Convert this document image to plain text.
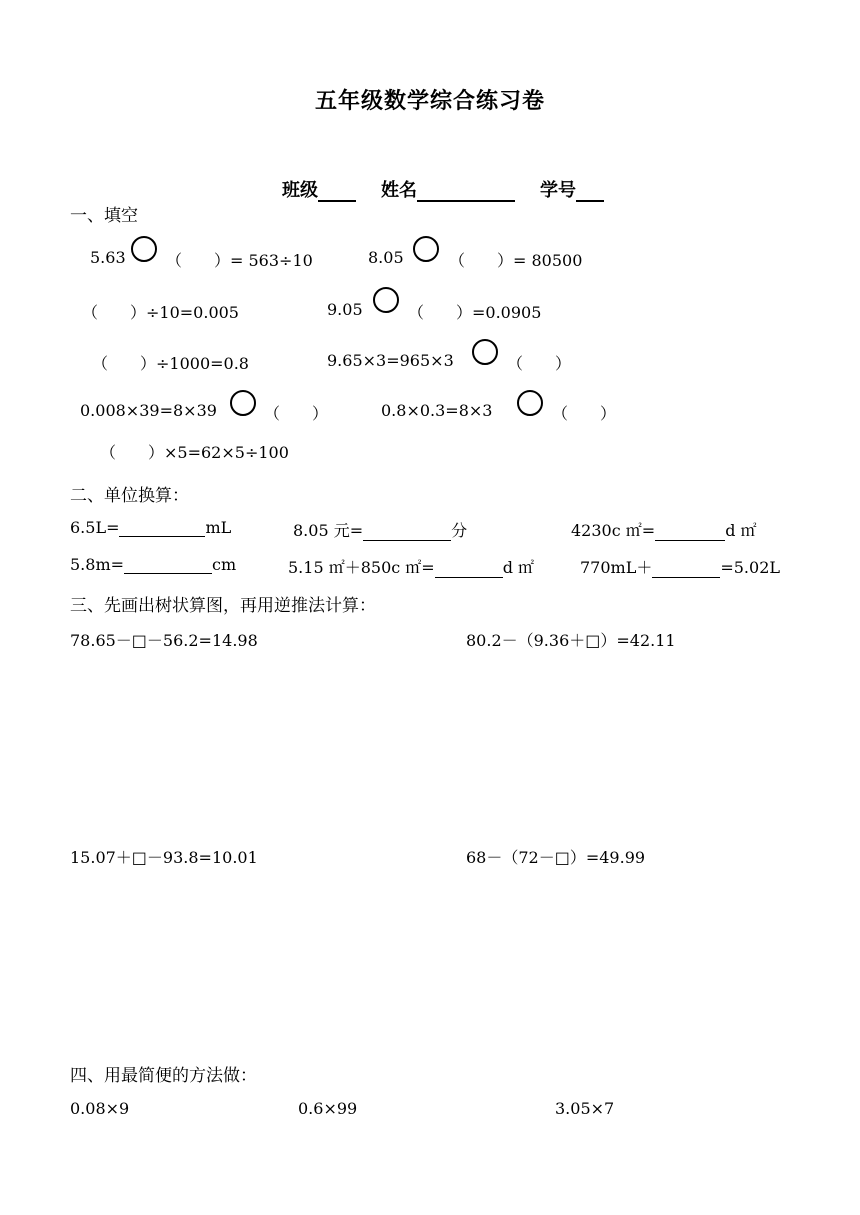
五年级数学综合练习卷
班级	姓名	学号
一、填空
5.63	（　　）= 563÷10	8.05	（　　）= 80500
（　　）÷10=0.005	9.05	（　　）=0.0905
（　　）÷1000=0.8	9.65×3=965×3	（　　）
0.008×39=8×39	（　　）	0.8×0.3=8×3	（　　）
（　　）×5=62×5÷100
二、单位换算：
6.5L=	mL	8.05 元=	分	4230c ㎡=	d ㎡
5.8m=	cm	5.15 ㎡＋850c ㎡=	d ㎡	770mL＋	=5.02L
三、先画出树状算图，再用逆推法计算：
78.65－□－56.2=14.98	80.2－（9.36＋□）=42.11
15.07＋□－93.8=10.01	68－（72－□）=49.99
四、用最简便的方法做：
0.08×9	0.6×99	3.05×7
